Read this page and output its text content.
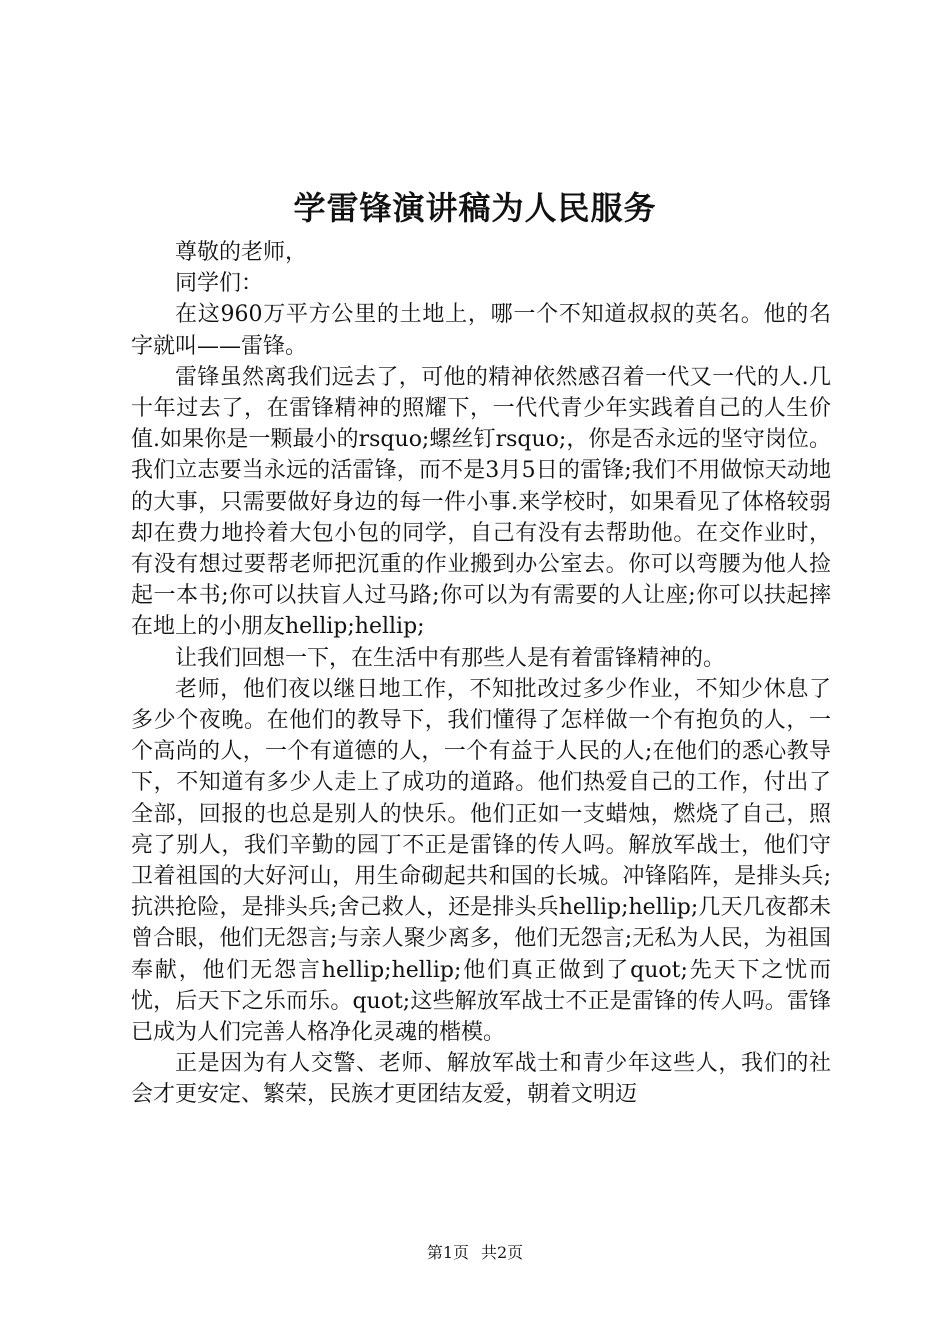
学雷锋演讲稿为人民服务

尊敬的老师，

同学们：

在这960万平方公里的土地上，哪一个不知道叔叔的英名。他的名字就叫——雷锋。

雷锋虽然离我们远去了，可他的精神依然感召着一代又一代的人.几十年过去了，在雷锋精神的照耀下，一代代青少年实践着自己的人生价值.如果你是一颗最小的rsquo;螺丝钉rsquo;，你是否永远的坚守岗位。我们立志要当永远的活雷锋，而不是3月5日的雷锋;我们不用做惊天动地的大事，只需要做好身边的每一件小事.来学校时，如果看见了体格较弱却在费力地拎着大包小包的同学，自己有没有去帮助他。在交作业时，有没有想过要帮老师把沉重的作业搬到办公室去。你可以弯腰为他人捡起一本书;你可以扶盲人过马路;你可以为有需要的人让座;你可以扶起摔在地上的小朋友hellip;hellip;

让我们回想一下，在生活中有那些人是有着雷锋精神的。

老师，他们夜以继日地工作，不知批改过多少作业，不知少休息了多少个夜晚。在他们的教导下，我们懂得了怎样做一个有抱负的人，一个高尚的人，一个有道德的人，一个有益于人民的人;在他们的悉心教导下，不知道有多少人走上了成功的道路。他们热爱自己的工作，付出了全部，回报的也总是别人的快乐。他们正如一支蜡烛，燃烧了自己，照亮了别人，我们辛勤的园丁不正是雷锋的传人吗。解放军战士，他们守卫着祖国的大好河山，用生命砌起共和国的长城。冲锋陷阵，是排头兵;抗洪抢险，是排头兵;舍己救人，还是排头兵hellip;hellip;几天几夜都未曾合眼，他们无怨言;与亲人聚少离多，他们无怨言;无私为人民，为祖国奉献，他们无怨言hellip;hellip;他们真正做到了quot;先天下之忧而忧，后天下之乐而乐。quot;这些解放军战士不正是雷锋的传人吗。雷锋已成为人们完善人格净化灵魂的楷模。

正是因为有人交警、老师、解放军战士和青少年这些人，我们的社会才更安定、繁荣，民族才更团结友爱，朝着文明迈

第1页 共2页
